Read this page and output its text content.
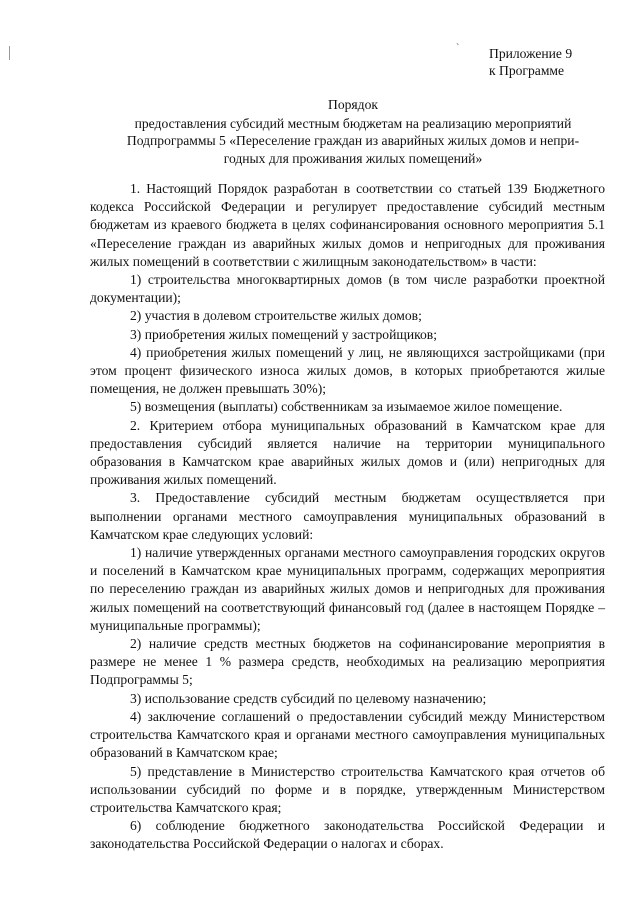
ˋ Приложение 9
к Программе
Порядок
предоставления субсидий местным бюджетам на реализацию мероприятий
Подпрограммы 5 «Переселение граждан из аварийных жилых домов и непри-
годных для проживания жилых помещений»

1. Настоящий Порядок разработан в соответствии со статьей 139 Бюджетного кодекса Российской Федерации и регулирует предоставление субсидий местным бюджетам из краевого бюджета в целях софинансирования основного мероприятия 5.1 «Переселение граждан из аварийных жилых домов и непригодных для проживания жилых помещений в соответствии с жилищным законодательством» в части:

1) строительства многоквартирных домов (в том числе разработки проектной документации);

2) участия в долевом строительстве жилых домов;

3) приобретения жилых помещений у застройщиков;

4) приобретения жилых помещений у лиц, не являющихся застройщиками (при этом процент физического износа жилых домов, в которых приобретаются жилые помещения, не должен превышать 30%);

5) возмещения (выплаты) собственникам за изымаемое жилое помещение.

2. Критерием отбора муниципальных образований в Камчатском крае для предоставления субсидий является наличие на территории муниципального образования в Камчатском крае аварийных жилых домов и (или) непригодных для проживания жилых помещений.

3. Предоставление субсидий местным бюджетам осуществляется при выполнении органами местного самоуправления муниципальных образований в Камчатском крае следующих условий:

1) наличие утвержденных органами местного самоуправления городских округов и поселений в Камчатском крае муниципальных программ, содержащих мероприятия по переселению граждан из аварийных жилых домов и непригодных для проживания жилых помещений на соответствующий финансовый год (далее в настоящем Порядке – муниципальные программы);

2) наличие средств местных бюджетов на софинансирование мероприятия в размере не менее 1 % размера средств, необходимых на реализацию мероприятия Подпрограммы 5;

3) использование средств субсидий по целевому назначению;

4) заключение соглашений о предоставлении субсидий между Министерством строительства Камчатского края и органами местного самоуправления муниципальных образований в Камчатском крае;

5) представление в Министерство строительства Камчатского края отчетов об использовании субсидий по форме и в порядке, утвержденным Министерством строительства Камчатского края;

6) соблюдение бюджетного законодательства Российской Федерации и законодательства Российской Федерации о налогах и сборах.
